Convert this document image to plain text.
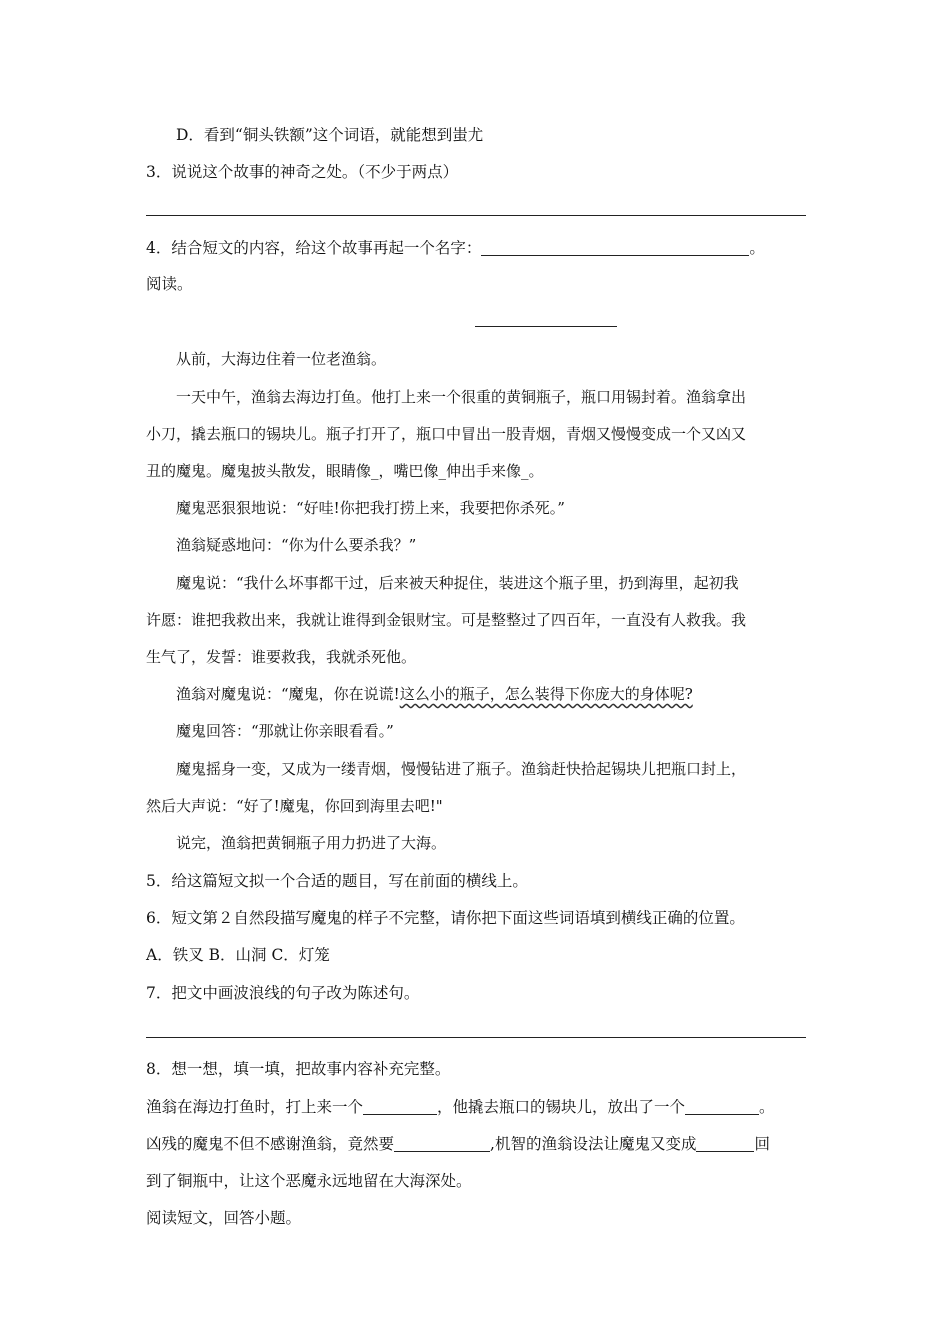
D．看到“铜头铁额”这个词语，就能想到蚩尤
3．说说这个故事的神奇之处。（不少于两点）
4．结合短文的内容，给这个故事再起一个名字：	。
阅读。
从前，大海边住着一位老渔翁。
一天中午，渔翁去海边打鱼。他打上来一个很重的黄铜瓶子，瓶口用锡封着。渔翁拿出
小刀，撬去瓶口的锡块儿。瓶子打开了，瓶口中冒出一股青烟，青烟又慢慢变成一个又凶又
丑的魔鬼。魔鬼披头散发，眼睛像_，嘴巴像_伸出手来像_。
魔鬼恶狠狠地说：“好哇!你把我打捞上来，我要把你杀死。”
渔翁疑惑地问：“你为什么要杀我？”
魔鬼说：“我什么坏事都干过，后来被天种捉住，装进这个瓶子里，扔到海里，起初我
许愿：谁把我救出来，我就让谁得到金银财宝。可是整整过了四百年，一直没有人救我。我
生气了，发誓：谁要救我，我就杀死他。
渔翁对魔鬼说：“魔鬼，你在说谎!这么小的瓶子，怎么装得下你庞大的身体呢?
魔鬼回答：“那就让你亲眼看看。”
魔鬼摇身一变，又成为一缕青烟，慢慢钻进了瓶子。渔翁赶快拾起锡块儿把瓶口封上，
然后大声说：“好了!魔鬼，你回到海里去吧!"
说完，渔翁把黄铜瓶子用力扔进了大海。
5．给这篇短文拟一个合适的题目，写在前面的横线上。
6．短文第２自然段描写魔鬼的样子不完整，请你把下面这些词语填到横线正确的位置。
A．铁叉 B．山洞 C．灯笼
7．把文中画波浪线的句子改为陈述句。
8．想一想，填一填，把故事内容补充完整。
渔翁在海边打鱼时，打上来一个	，他撬去瓶口的锡块儿，放出了一个	。
凶残的魔鬼不但不感谢渔翁，竟然要	,机智的渔翁设法让魔鬼又变成	回
到了铜瓶中，让这个恶魔永远地留在大海深处。
阅读短文，回答小题。
